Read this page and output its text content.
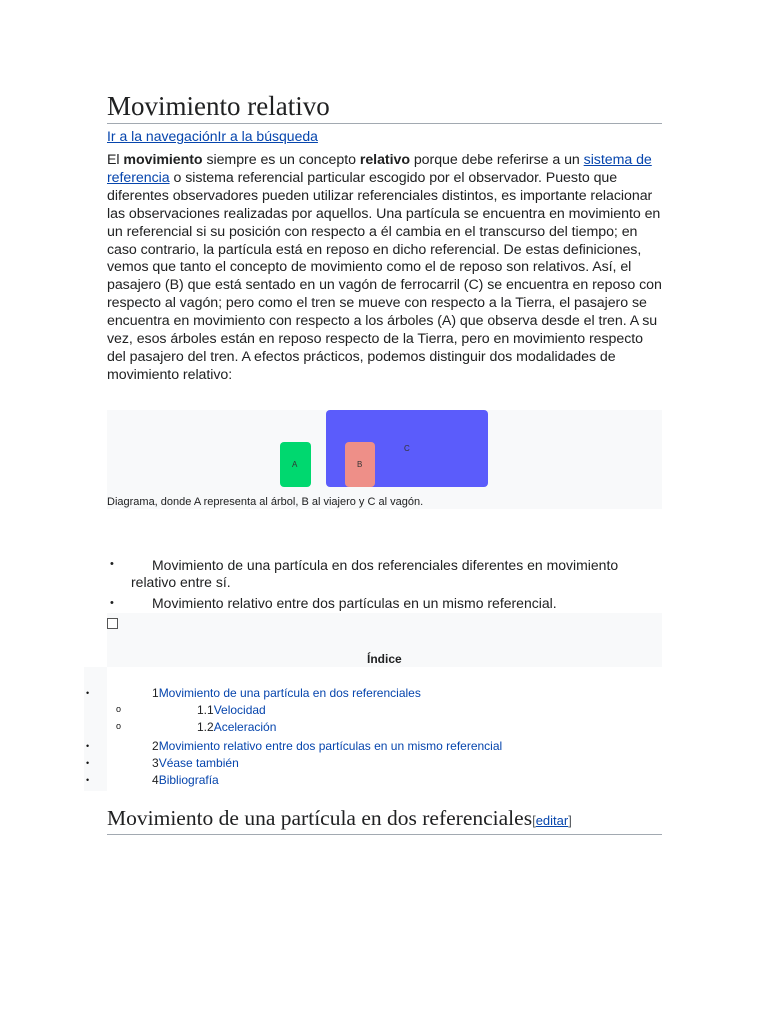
Movimiento relativo
Ir a la navegaciónIr a la búsqueda

El movimiento siempre es un concepto relativo porque debe referirse a un sistema de referencia o sistema referencial particular escogido por el observador. Puesto que diferentes observadores pueden utilizar referenciales distintos, es importante relacionar las observaciones realizadas por aquellos. Una partícula se encuentra en movimiento en un referencial si su posición con respecto a él cambia en el transcurso del tiempo; en caso contrario, la partícula está en reposo en dicho referencial. De estas definiciones, vemos que tanto el concepto de movimiento como el de reposo son relativos. Así, el pasajero (B) que está sentado en un vagón de ferrocarril (C) se encuentra en reposo con respecto al vagón; pero como el tren se mueve con respecto a la Tierra, el pasajero se encuentra en movimiento con respecto a los árboles (A) que observa desde el tren. A su vez, esos árboles están en reposo respecto de la Tierra, pero en movimiento respecto del pasajero del tren. A efectos prácticos, podemos distinguir dos modalidades de movimiento relativo:

C
A	B
Diagrama, donde A representa al árbol, B al viajero y C al vagón.
•	Movimiento de una partícula en dos referenciales diferentes en movimiento
relativo entre sí.
•	Movimiento relativo entre dos partículas en un mismo referencial.
Índice
•	1Movimiento de una partícula en dos referenciales
o	1.1Velocidad
o	1.2Aceleración
•	2Movimiento relativo entre dos partículas en un mismo referencial
•	3Véase también
•	4Bibliografía
Movimiento de una partícula en dos referenciales[editar]
